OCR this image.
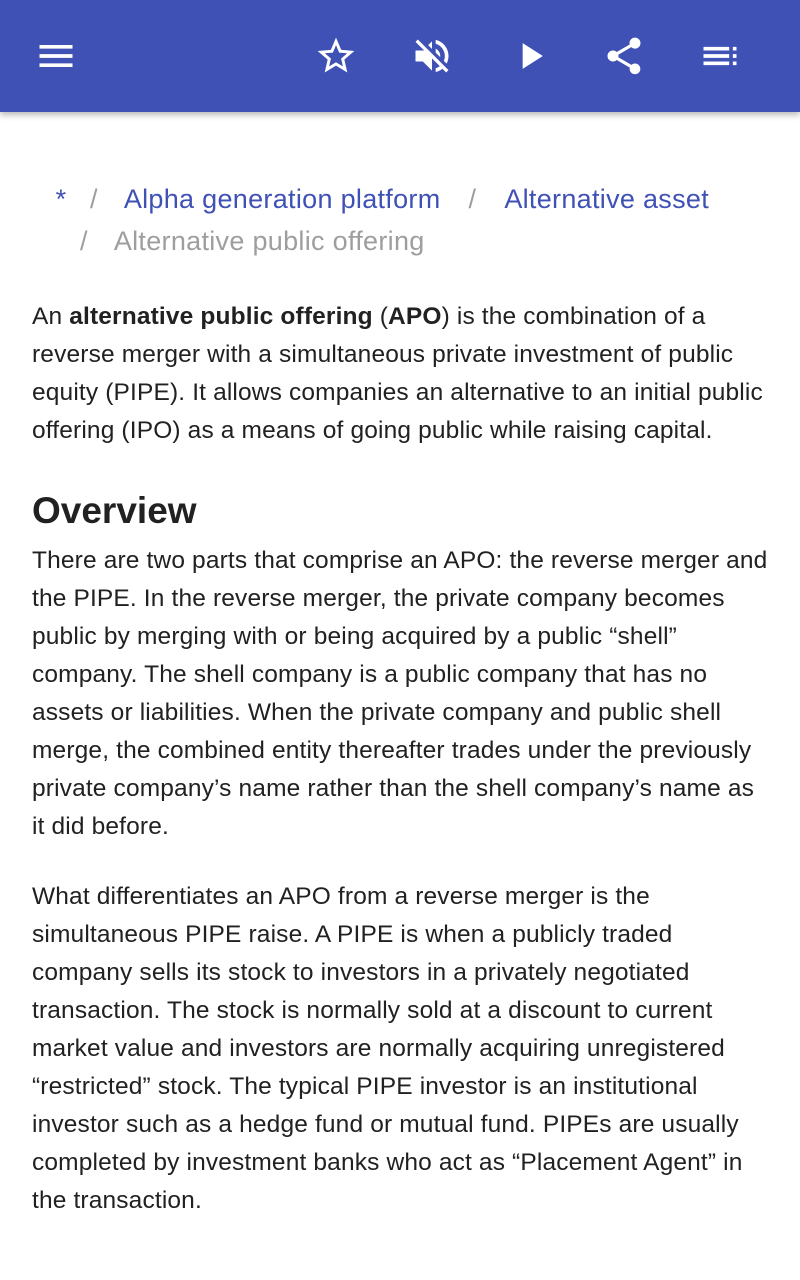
* / Alpha generation platform / Alternative asset
/ Alternative public offering

An alternative public offering (APO) is the combination of a reverse merger with a simultaneous private investment of public equity (PIPE). It allows companies an alternative to an initial public offering (IPO) as a means of going public while raising capital.

Overview

There are two parts that comprise an APO: the reverse merger and the PIPE. In the reverse merger, the private company becomes public by merging with or being acquired by a public “shell” company. The shell company is a public company that has no assets or liabilities. When the private company and public shell merge, the combined entity thereafter trades under the previously private company’s name rather than the shell company’s name as it did before.

What differentiates an APO from a reverse merger is the simultaneous PIPE raise. A PIPE is when a publicly traded company sells its stock to investors in a privately negotiated transaction. The stock is normally sold at a discount to current market value and investors are normally acquiring unregistered “restricted” stock. The typical PIPE investor is an institutional investor such as a hedge fund or mutual fund. PIPEs are usually completed by investment banks who act as “Placement Agent” in the transaction.
